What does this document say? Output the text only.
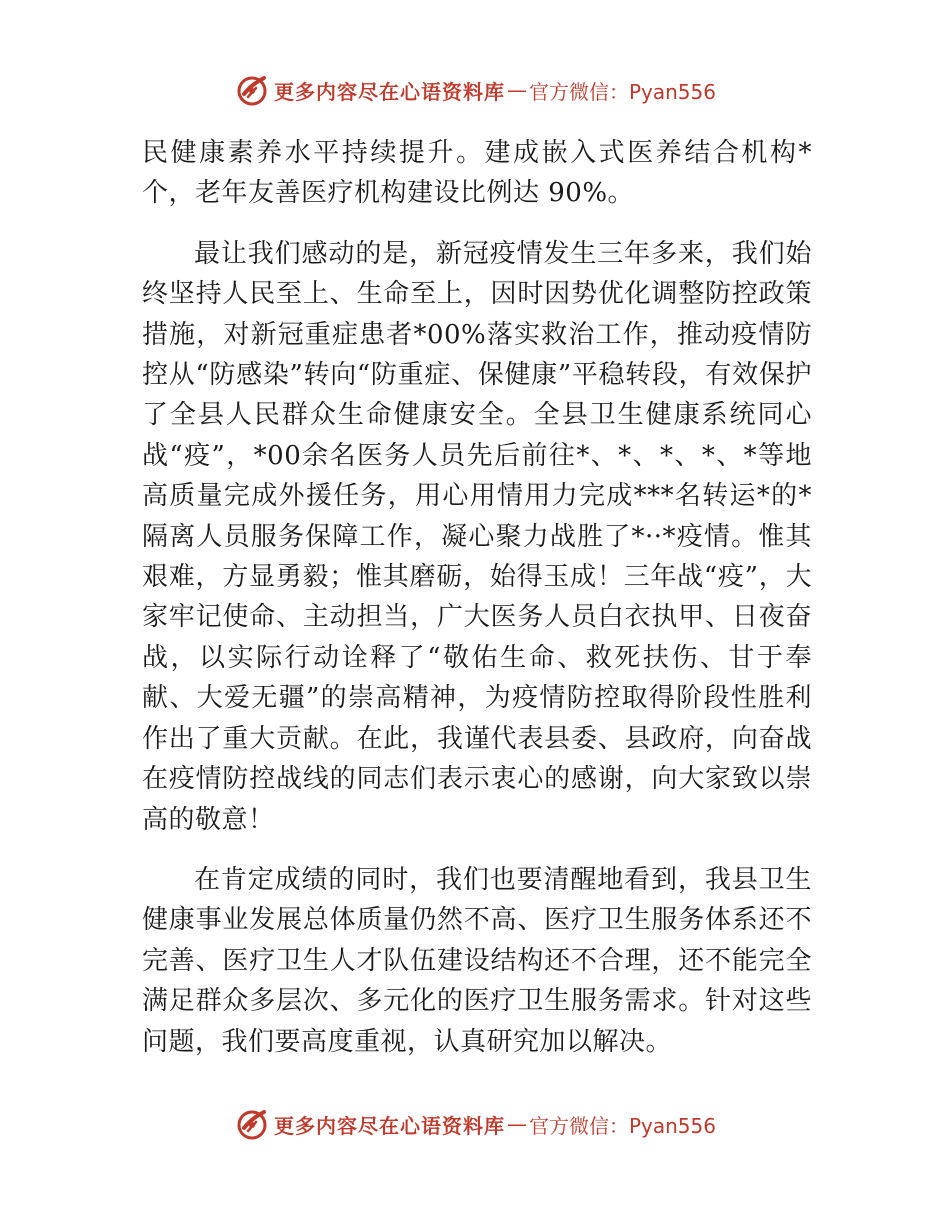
更多内容尽在心语资料库 — 官方微信：Pyan556

民健康素养水平持续提升。建成嵌入式医养结合机构*个，老年友善医疗机构建设比例达 90%。

最让我们感动的是，新冠疫情发生三年多来，我们始终坚持人民至上、生命至上，因时因势优化调整防控政策措施，对新冠重症患者*00%落实救治工作，推动疫情防控从“防感染”转向“防重症、保健康”平稳转段，有效保护了全县人民群众生命健康安全。全县卫生健康系统同心战“疫”，*00余名医务人员先后前往*、*、*、*、*等地高质量完成外援任务，用心用情用力完成***名转运*的*隔离人员服务保障工作，凝心聚力战胜了*··*疫情。惟其艰难，方显勇毅；惟其磨砺，始得玉成！三年战“疫”，大家牢记使命、主动担当，广大医务人员白衣执甲、日夜奋战，以实际行动诠释了“敬佑生命、救死扶伤、甘于奉献、大爱无疆”的崇高精神，为疫情防控取得阶段性胜利作出了重大贡献。在此，我谨代表县委、县政府，向奋战在疫情防控战线的同志们表示衷心的感谢，向大家致以崇高的敬意！

在肯定成绩的同时，我们也要清醒地看到，我县卫生健康事业发展总体质量仍然不高、医疗卫生服务体系还不完善、医疗卫生人才队伍建设结构还不合理，还不能完全满足群众多层次、多元化的医疗卫生服务需求。针对这些问题，我们要高度重视，认真研究加以解决。

更多内容尽在心语资料库 — 官方微信：Pyan556
